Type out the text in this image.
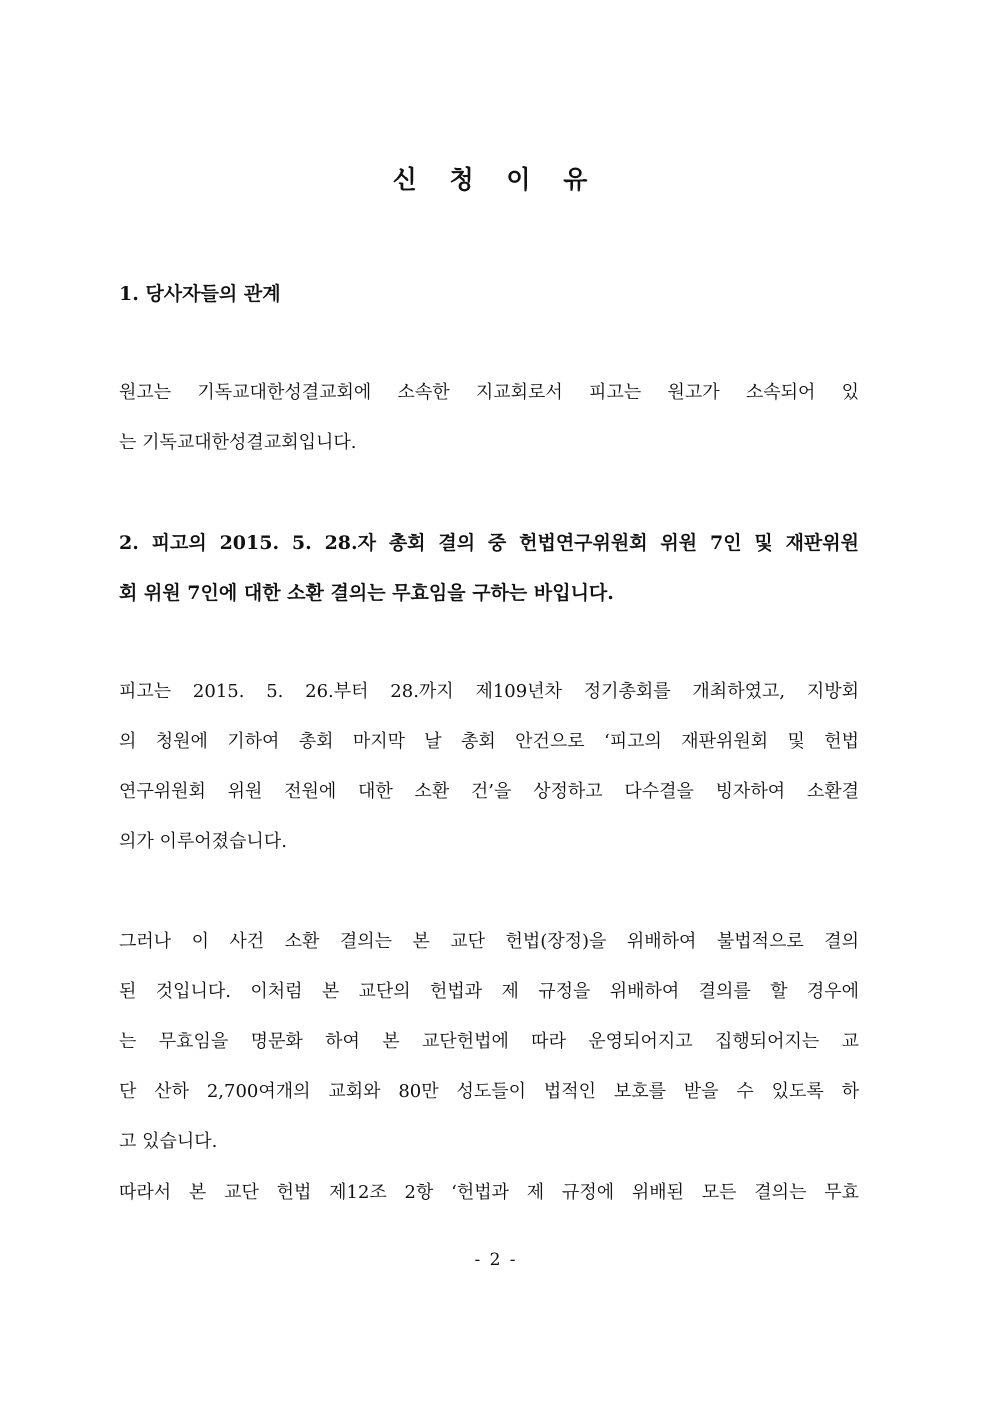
신 청 이 유
1. 당사자들의 관계
원고는 기독교대한성결교회에 소속한 지교회로서 피고는 원고가 소속되어 있
는 기독교대한성결교회입니다.
2. 피고의 2015. 5. 28.자 총회 결의 중 헌법연구위원회 위원 7인 및 재판위원
회 위원 7인에 대한 소환 결의는 무효임을 구하는 바입니다.
피고는 2015. 5. 26.부터 28.까지 제109년차 정기총회를 개최하였고, 지방회
의 청원에 기하여 총회 마지막 날 총회 안건으로 ‘피고의 재판위원회 및 헌법
연구위원회 위원 전원에 대한 소환 건’을 상정하고 다수결을 빙자하여 소환결
의가 이루어졌습니다.
그러나 이 사건 소환 결의는 본 교단 헌법(장정)을 위배하여 불법적으로 결의
된 것입니다. 이처럼 본 교단의 헌법과 제 규정을 위배하여 결의를 할 경우에
는 무효임을 명문화 하여 본 교단헌법에 따라 운영되어지고 집행되어지는 교
단 산하 2,700여개의 교회와 80만 성도들이 법적인 보호를 받을 수 있도록 하
고 있습니다.
따라서 본 교단 헌법 제12조 2항 ‘헌법과 제 규정에 위배된 모든 결의는 무효
- 2 -
